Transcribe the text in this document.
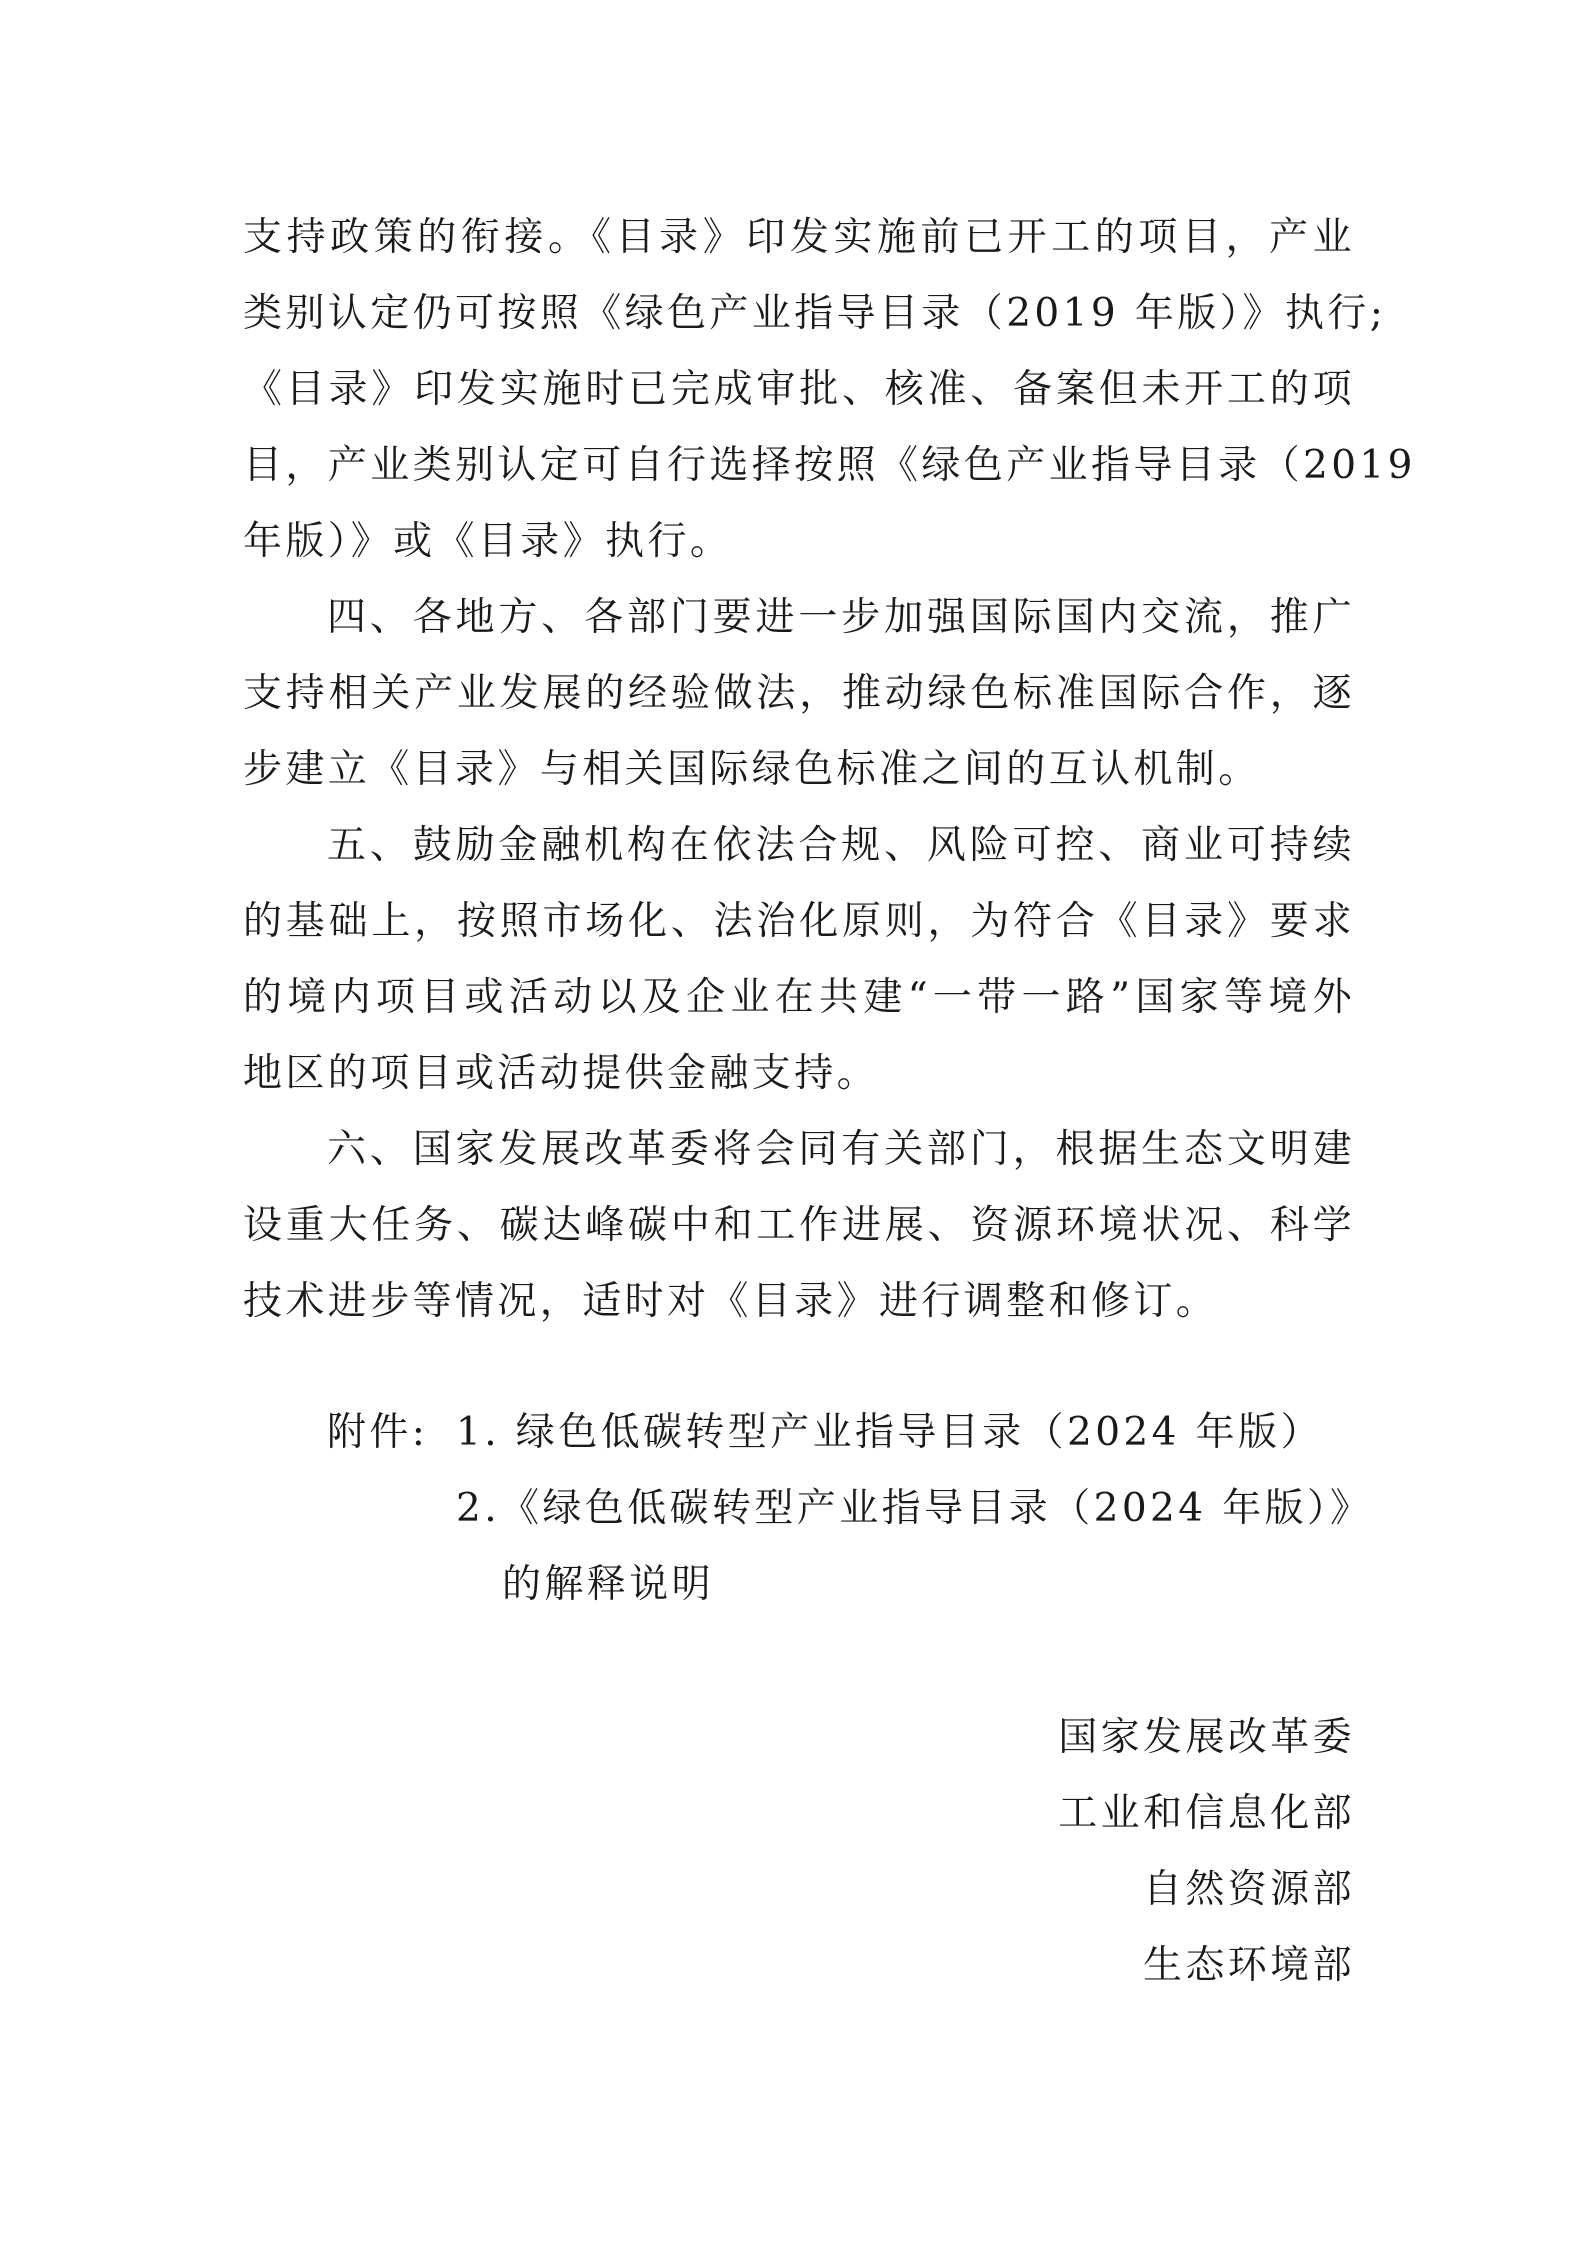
支持政策的衔接。《目录》印发实施前已开工的项目，产业
类别认定仍可按照《绿色产业指导目录（2019 年版）》执行;
《目录》印发实施时已完成审批、核准、备案但未开工的项
目，产业类别认定可自行选择按照《绿色产业指导目录（2019
年版）》或《目录》执行。
四、各地方、各部门要进一步加强国际国内交流，推广
支持相关产业发展的经验做法，推动绿色标准国际合作，逐
步建立《目录》与相关国际绿色标准之间的互认机制。
五、鼓励金融机构在依法合规、风险可控、商业可持续
的基础上，按照市场化、法治化原则，为符合《目录》要求
的境内项目或活动以及企业在共建“一带一路”国家等境外
地区的项目或活动提供金融支持。
六、国家发展改革委将会同有关部门，根据生态文明建
设重大任务、碳达峰碳中和工作进展、资源环境状况、科学
技术进步等情况，适时对《目录》进行调整和修订。
附件: 1. 绿色低碳转型产业指导目录（2024 年版）
2.《绿色低碳转型产业指导目录（2024 年版）》
的解释说明
国家发展改革委
工业和信息化部
自然资源部
生态环境部
